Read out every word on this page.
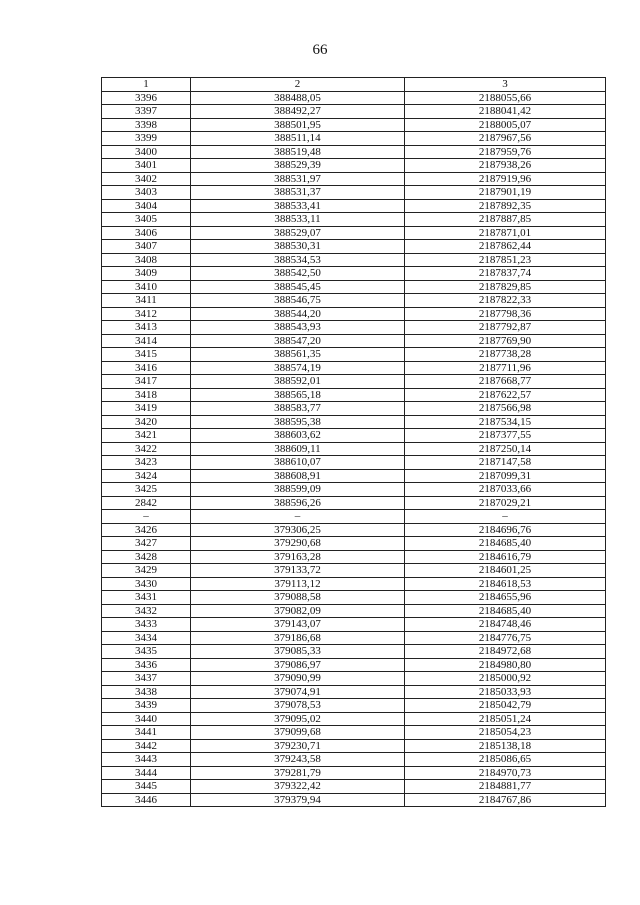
66
1	2	3
3396	388488,05	2188055,66
3397	388492,27	2188041,42
3398	388501,95	2188005,07
3399	388511,14	2187967,56
3400	388519,48	2187959,76
3401	388529,39	2187938,26
3402	388531,97	2187919,96
3403	388531,37	2187901,19
3404	388533,41	2187892,35
3405	388533,11	2187887,85
3406	388529,07	2187871,01
3407	388530,31	2187862,44
3408	388534,53	2187851,23
3409	388542,50	2187837,74
3410	388545,45	2187829,85
3411	388546,75	2187822,33
3412	388544,20	2187798,36
3413	388543,93	2187792,87
3414	388547,20	2187769,90
3415	388561,35	2187738,28
3416	388574,19	2187711,96
3417	388592,01	2187668,77
3418	388565,18	2187622,57
3419	388583,77	2187566,98
3420	388595,38	2187534,15
3421	388603,62	2187377,55
3422	388609,11	2187250,14
3423	388610,07	2187147,58
3424	388608,91	2187099,31
3425	388599,09	2187033,66
2842	388596,26	2187029,21
–	–	–
3426	379306,25	2184696,76
3427	379290,68	2184685,40
3428	379163,28	2184616,79
3429	379133,72	2184601,25
3430	379113,12	2184618,53
3431	379088,58	2184655,96
3432	379082,09	2184685,40
3433	379143,07	2184748,46
3434	379186,68	2184776,75
3435	379085,33	2184972,68
3436	379086,97	2184980,80
3437	379090,99	2185000,92
3438	379074,91	2185033,93
3439	379078,53	2185042,79
3440	379095,02	2185051,24
3441	379099,68	2185054,23
3442	379230,71	2185138,18
3443	379243,58	2185086,65
3444	379281,79	2184970,73
3445	379322,42	2184881,77
3446	379379,94	2184767,86
